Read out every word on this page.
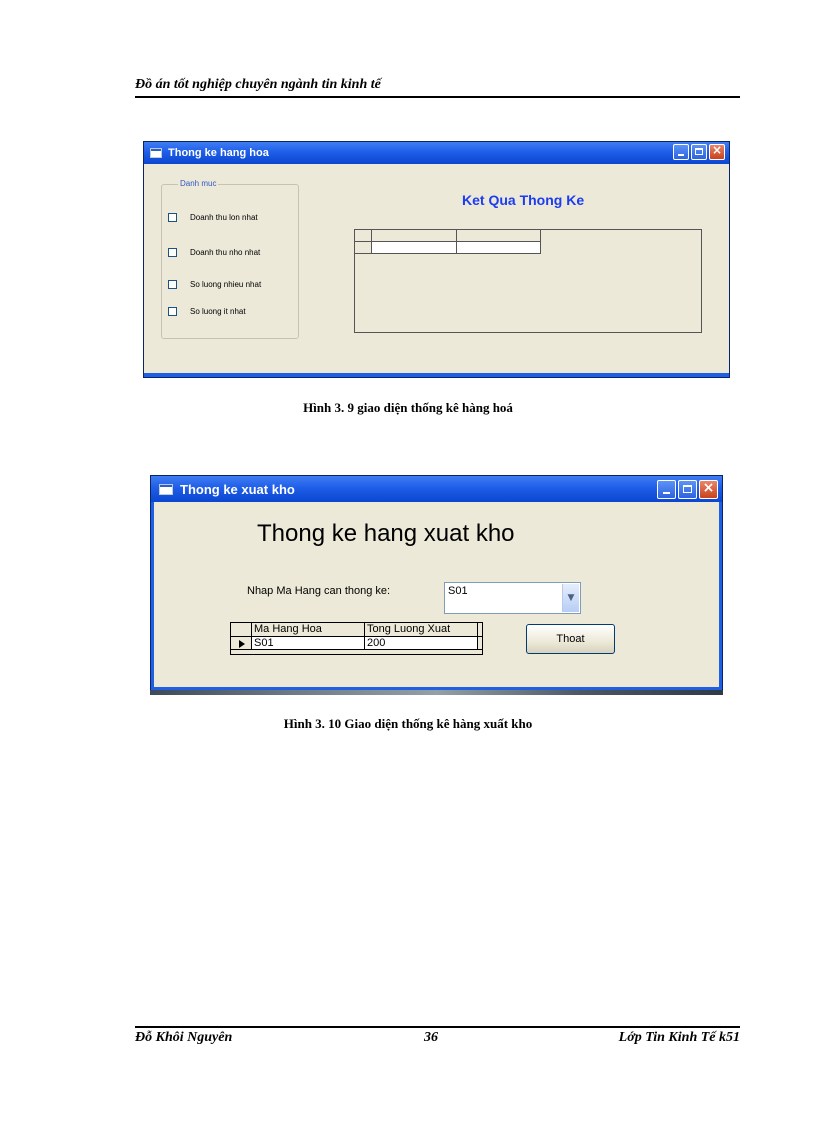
Đồ án tốt nghiệp chuyên ngành tin kinh tế
Thong ke hang hoa	×
Danh muc
Doanh thu lon nhat
Doanh thu nho nhat
So luong nhieu nhat
So luong it nhat
Ket Qua Thong Ke
Hình 3. 9 giao diện thống kê hàng hoá
Thong ke xuat kho	×
Thong ke hang xuat kho
Nhap Ma Hang can thong ke:	S01
▼
Ma Hang Hoa	Tong Luong Xuat
S01	200	Thoat
Hình 3. 10 Giao diện thống kê hàng xuất kho
Đỗ Khôi Nguyên	36	Lớp Tin Kinh Tế k51
